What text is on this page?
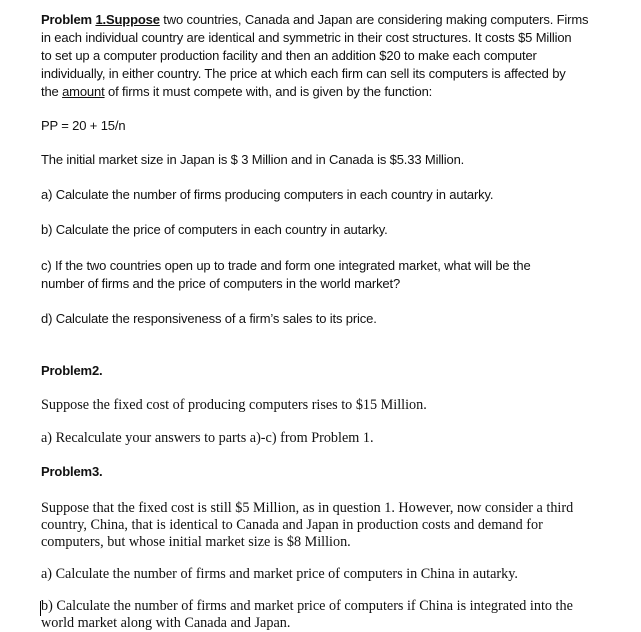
Problem 1.Suppose two countries, Canada and Japan are considering making computers. Firms
in each individual country are identical and symmetric in their cost structures. It costs $5 Million
to set up a computer production facility and then an addition $20 to make each computer
individually, in either country. The price at which each firm can sell its computers is affected by
the amount of firms it must compete with, and is given by the function:

PP = 20 + 15/n

The initial market size in Japan is $ 3 Million and in Canada is $5.33 Million.

a) Calculate the number of firms producing computers in each country in autarky.

b) Calculate the price of computers in each country in autarky.

c) If the two countries open up to trade and form one integrated market, what will be the
number of firms and the price of computers in the world market?

d) Calculate the responsiveness of a firm’s sales to its price.

Problem2.

Suppose the fixed cost of producing computers rises to $15 Million.

a) Recalculate your answers to parts a)-c) from Problem 1.

Problem3.

Suppose that the fixed cost is still $5 Million, as in question 1. However, now consider a third
country, China, that is identical to Canada and Japan in production costs and demand for
computers, but whose initial market size is $8 Million.

a) Calculate the number of firms and market price of computers in China in autarky.

b) Calculate the number of firms and market price of computers if China is integrated into the
world market along with Canada and Japan.
